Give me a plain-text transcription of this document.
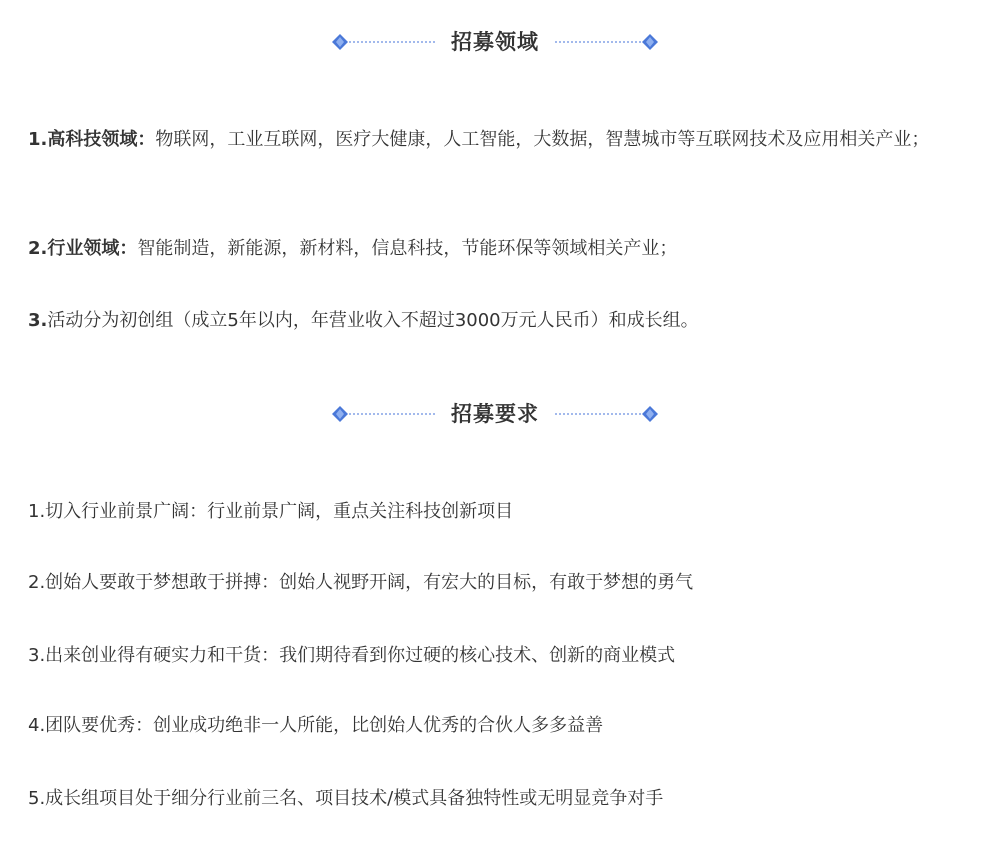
招募领域

1.高科技领域：物联网，工业互联网，医疗大健康，人工智能，大数据，智慧城市等互联网技术及应用相关产业；

2.行业领域：智能制造，新能源，新材料，信息科技，节能环保等领域相关产业；

3.活动分为初创组（成立5年以内，年营业收入不超过3000万元人民币）和成长组。

招募要求

1.切入行业前景广阔：行业前景广阔，重点关注科技创新项目

2.创始人要敢于梦想敢于拼搏：创始人视野开阔，有宏大的目标，有敢于梦想的勇气

3.出来创业得有硬实力和干货：我们期待看到你过硬的核心技术、创新的商业模式

4.团队要优秀：创业成功绝非一人所能，比创始人优秀的合伙人多多益善

5.成长组项目处于细分行业前三名、项目技术/模式具备独特性或无明显竞争对手
